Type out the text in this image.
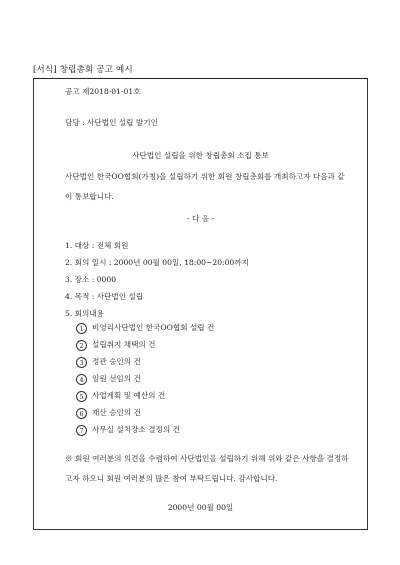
[서식] 창립총회 공고 예시
공고 제2018-01-01호
담당 : 사단법인 설립 발기인
사단법인 설립을 위한 창립총회 소집 통보
사단법인 한국OO협회(가칭)을 설립하기 위한 회원 창립총회를 개최하고자 다음과 같이 통보합니다.
- 다 음 -
1. 대상 : 전체 회원
2. 회의 일시 : 2000년 00월 00일, 18:00~20:00까지
3. 장소 : 0000
4. 목적 : 사단법인 설립
5. 회의내용
1 비영리사단법인 한국OO협회 설립 건
2 설립취지 채택의 건
3 정관 승인의 건
4 임원 선임의 건
5 사업계획 및 예산의 건
6 재산 승인의 건
7 사무실 설치장소 결정의 건
※ 회원 여러분의 의견을 수렴하여 사단법인을 설립하기 위해 위와 같은 사항을 결정하고자 하오니 회원 여러분의 많은 참여 부탁드립니다. 감사합니다.
2000년 00월 00일
